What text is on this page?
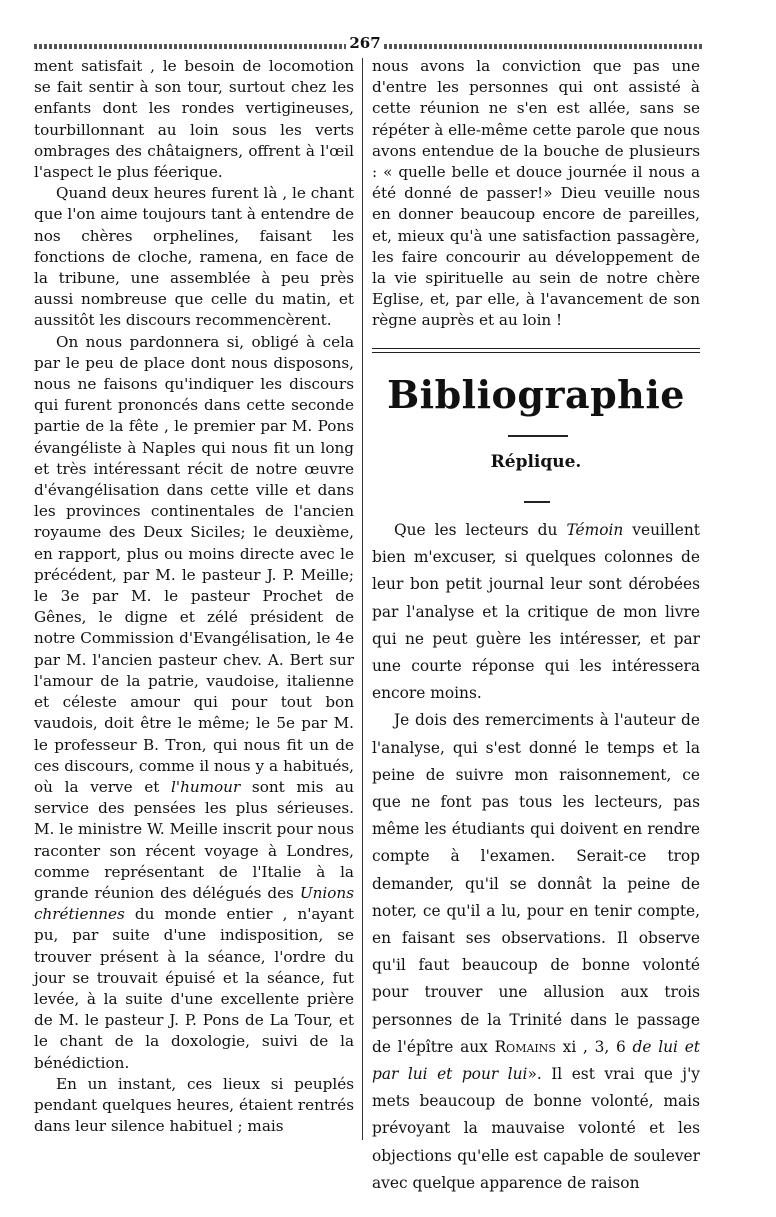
267

ment satisfait , le besoin de locomotion se fait sentir à son tour, surtout chez les enfants dont les rondes vertigineuses, tourbillonnant au loin sous les verts ombrages des châtaigners, offrent à l'œil l'aspect le plus féerique.

Quand deux heures furent là , le chant que l'on aime toujours tant à entendre de nos chères orphelines, faisant les fonctions de cloche, ramena, en face de la tribune, une assemblée à peu près aussi nombreuse que celle du matin, et aussitôt les discours recommencèrent.

On nous pardonnera si, obligé à cela par le peu de place dont nous disposons, nous ne faisons qu'indiquer les discours qui furent prononcés dans cette seconde partie de la fête , le premier par M. Pons évangéliste à Naples qui nous fit un long et très intéressant récit de notre œuvre d'évangélisation dans cette ville et dans les provinces continentales de l'ancien royaume des Deux Siciles; le deuxième, en rapport, plus ou moins directe avec le précédent, par M. le pasteur J. P. Meille; le 3e par M. le pasteur Prochet de Gênes, le digne et zélé président de notre Commission d'Evangélisation, le 4e par M. l'ancien pasteur chev. A. Bert sur l'amour de la patrie, vaudoise, italienne et céleste amour qui pour tout bon vaudois, doit être le même; le 5e par M. le professeur B. Tron, qui nous fit un de ces discours, comme il nous y a habitués, où la verve et l'humour sont mis au service des pensées les plus sérieuses. M. le ministre W. Meille inscrit pour nous raconter son récent voyage à Londres, comme représentant de l'Italie à la grande réunion des délégués des Unions chrétiennes du monde entier , n'ayant pu, par suite d'une indisposition, se trouver présent à la séance, l'ordre du jour se trouvait épuisé et la séance, fut levée, à la suite d'une excellente prière de M. le pasteur J. P. Pons de La Tour, et le chant de la doxologie, suivi de la bénédiction.

En un instant, ces lieux si peuplés pendant quelques heures, étaient rentrés dans leur silence habituel ; mais

nous avons la conviction que pas une d'entre les personnes qui ont assisté à cette réunion ne s'en est allée, sans se répéter à elle-même cette parole que nous avons entendue de la bouche de plusieurs : « quelle belle et douce journée il nous a été donné de passer!» Dieu veuille nous en donner beaucoup encore de pareilles, et, mieux qu'à une satisfaction passagère, les faire concourir au développement de la vie spirituelle au sein de notre chère Eglise, et, par elle, à l'avancement de son règne auprès et au loin !

Bibliographie
Réplique.

Que les lecteurs du Témoin veuillent bien m'excuser, si quelques colonnes de leur bon petit journal leur sont dérobées par l'analyse et la critique de mon livre qui ne peut guère les intéresser, et par une courte réponse qui les intéressera encore moins.

Je dois des remerciments à l'auteur de l'analyse, qui s'est donné le temps et la peine de suivre mon raisonnement, ce que ne font pas tous les lecteurs, pas même les étudiants qui doivent en rendre compte à l'examen. Serait-ce trop demander, qu'il se donnât la peine de noter, ce qu'il a lu, pour en tenir compte, en faisant ses observations. Il observe qu'il faut beaucoup de bonne volonté pour trouver une allusion aux trois personnes de la Trinité dans le passage de l'épître aux Romains xi , 3, 6 de lui et par lui et pour lui». Il est vrai que j'y mets beaucoup de bonne volonté, mais prévoyant la mauvaise volonté et les objections qu'elle est capable de soulever avec quelque apparence de raison
